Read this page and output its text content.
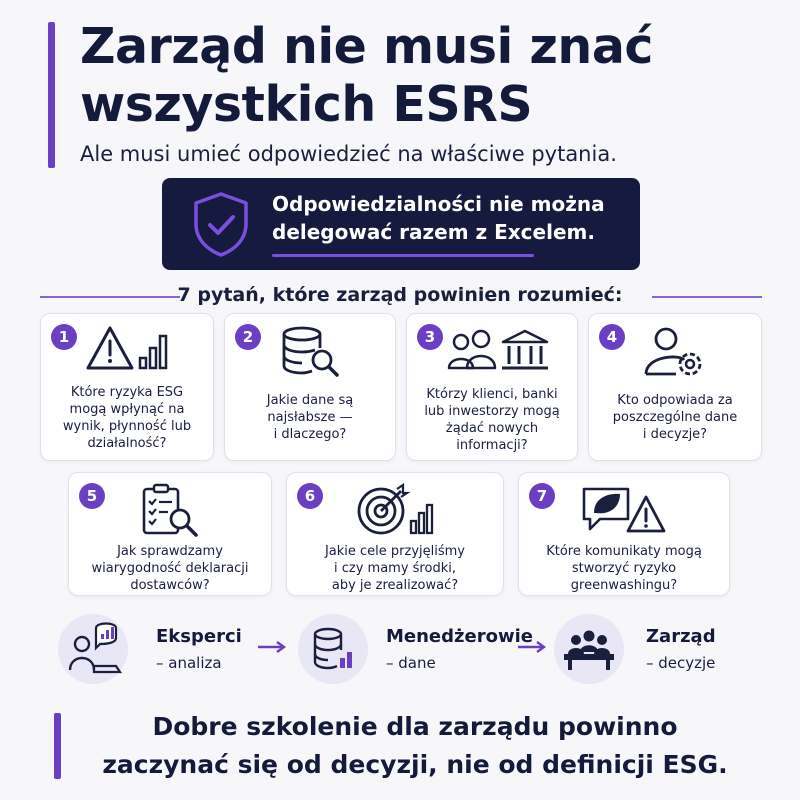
Zarząd nie musi znać
wszystkich ESRS
Ale musi umieć odpowiedzieć na właściwe pytania.
Odpowiedzialności nie można
delegować razem z Excelem.
7 pytań, które zarząd powinien rozumieć:
1
Które ryzyka ESG
mogą wpłynąć na
wynik, płynność lub
działalność?
2
Jakie dane są
najsłabsze —
i dlaczego?
3
Którzy klienci, banki
lub inwestorzy mogą
żądać nowych
informacji?
4
Kto odpowiada za
poszczególne dane
i decyzje?
5
Jak sprawdzamy
wiarygodność deklaracji
dostawców?
6
Jakie cele przyjęliśmy
i czy mamy środki,
aby je zrealizować?
7
Które komunikaty mogą
stworzyć ryzyko
greenwashingu?
Eksperci
– analiza
Menedżerowie
– dane
Zarząd
– decyzje
Dobre szkolenie dla zarządu powinno
zaczynać się od decyzji, nie od definicji ESG.
